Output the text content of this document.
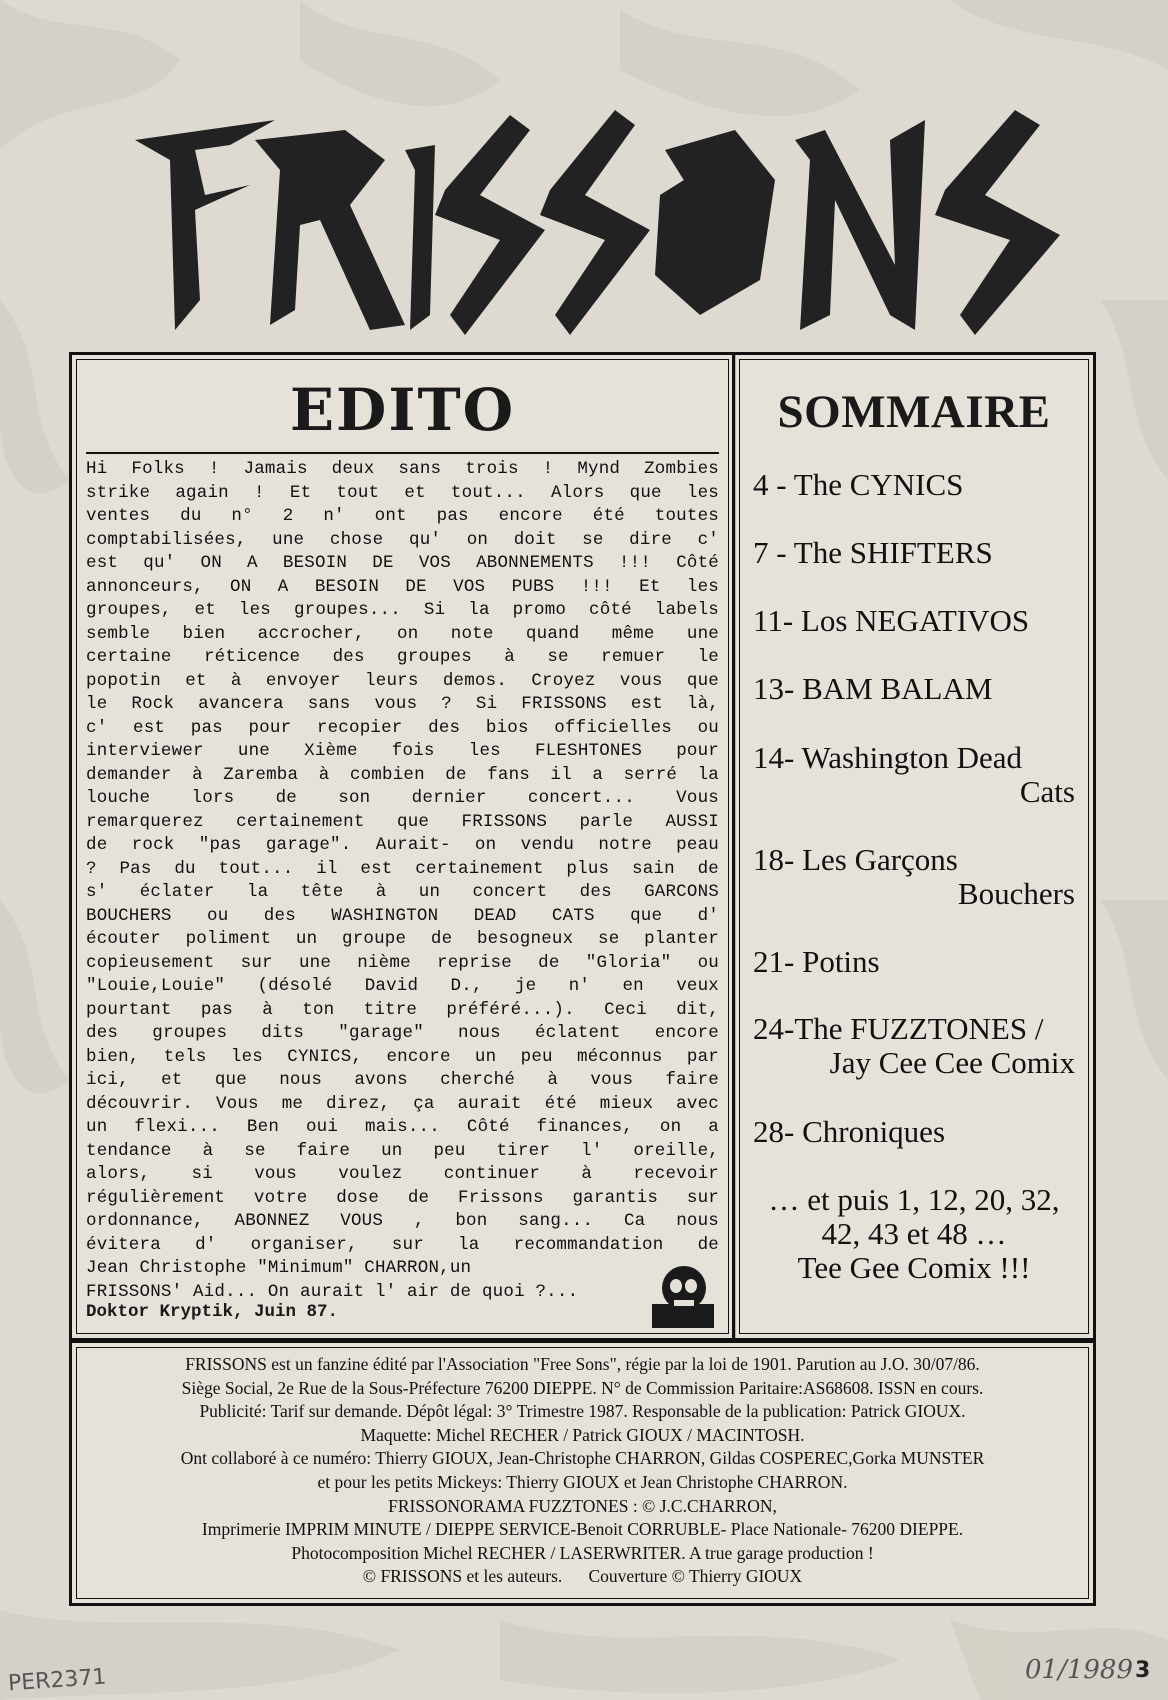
EDITO
Hi Folks ! Jamais deux sans trois ! Mynd Zombies
strike again ! Et tout et tout... Alors que les
ventes du n° 2 n' ont pas encore été toutes
comptabilisées, une chose qu' on doit se dire c'
est qu' ON A BESOIN DE VOS ABONNEMENTS !!! Côté
annonceurs, ON A BESOIN DE VOS PUBS !!! Et les
groupes, et les groupes... Si la promo côté labels
semble bien accrocher, on note quand même une
certaine réticence des groupes à se remuer le
popotin et à envoyer leurs demos. Croyez vous que
le Rock avancera sans vous ? Si FRISSONS est là,
c' est pas pour recopier des bios officielles ou
interviewer une Xième fois les FLESHTONES pour
demander à Zaremba à combien de fans il a serré la
louche lors de son dernier concert... Vous
remarquerez certainement que FRISSONS parle AUSSI
de rock "pas garage". Aurait- on vendu notre peau
? Pas du tout... il est certainement plus sain de
s' éclater la tête à un concert des GARCONS
BOUCHERS ou des WASHINGTON DEAD CATS que d'
écouter poliment un groupe de besogneux se planter
copieusement sur une nième reprise de "Gloria" ou
"Louie,Louie" (désolé David D., je n' en veux
pourtant pas à ton titre préféré...). Ceci dit,
des groupes dits "garage" nous éclatent encore
bien, tels les CYNICS, encore un peu méconnus par
ici, et que nous avons cherché à vous faire
découvrir. Vous me direz, ça aurait été mieux avec
un flexi... Ben oui mais... Côté finances, on a
tendance à se faire un peu tirer l' oreille,
alors, si vous voulez continuer à recevoir
régulièrement votre dose de Frissons garantis sur
ordonnance, ABONNEZ VOUS , bon sang... Ca nous
évitera d' organiser, sur la recommandation de
Jean Christophe "Minimum" CHARRON,un
FRISSONS' Aid... On aurait l' air de quoi ?...
Doktor Kryptik, Juin 87.
SOMMAIRE
4 - The CYNICS
7 - The SHIFTERS
11- Los NEGATIVOS
13- BAM BALAM
14- Washington Dead
Cats
18- Les Garçons
Bouchers
21- Potins
24-The FUZZTONES /
Jay Cee Cee Comix
28- Chroniques
… et puis 1, 12, 20, 32,
42, 43 et 48 …
Tee Gee Comix !!!
FRISSONS est un fanzine édité par l'Association "Free Sons", régie par la loi de 1901. Parution au J.O. 30/07/86.
Siège Social, 2e Rue de la Sous-Préfecture 76200 DIEPPE. N° de Commission Paritaire:AS68608. ISSN en cours.
Publicité: Tarif sur demande. Dépôt légal: 3° Trimestre 1987. Responsable de la publication: Patrick GIOUX.
Maquette: Michel RECHER / Patrick GIOUX / MACINTOSH.
Ont collaboré à ce numéro: Thierry GIOUX, Jean-Christophe CHARRON, Gildas COSPEREC,Gorka MUNSTER
et pour les petits Mickeys: Thierry GIOUX et Jean Christophe CHARRON.
FRISSONORAMA FUZZTONES : © J.C.CHARRON,
Imprimerie IMPRIM MINUTE / DIEPPE SERVICE-Benoit CORRUBLE- Place Nationale- 76200 DIEPPE.
Photocomposition Michel RECHER / LASERWRITER. A true garage production !
© FRISSONS et les auteurs.      Couverture © Thierry GIOUX
PER2371	01/1989 3
